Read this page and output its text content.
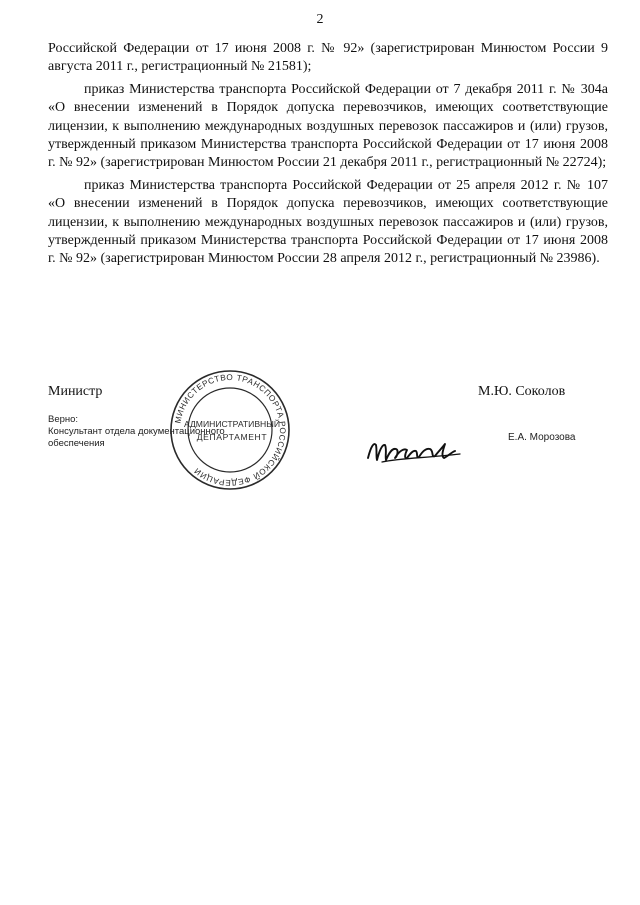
2

Российской Федерации от 17 июня 2008 г. № 92» (зарегистрирован Минюстом России 9 августа 2011 г., регистрационный № 21581);

приказ Министерства транспорта Российской Федерации от 7 декабря 2011 г. № 304а «О внесении изменений в Порядок допуска перевозчиков, имеющих соответствующие лицензии, к выполнению международных воздушных перевозок пассажиров и (или) грузов, утвержденный приказом Министерства транспорта Российской Федерации от 17 июня 2008 г. № 92» (зарегистрирован Минюстом России 21 декабря 2011 г., регистрационный № 22724);

приказ Министерства транспорта Российской Федерации от 25 апреля 2012 г. № 107 «О внесении изменений в Порядок допуска перевозчиков, имеющих соответствующие лицензии, к выполнению международных воздушных перевозок пассажиров и (или) грузов, утвержденный приказом Министерства транспорта Российской Федерации от 17 июня 2008 г. № 92» (зарегистрирован Минюстом России 28 апреля 2012 г., регистрационный № 23986).

Министр	М.Ю. Соколов
Верно:
Консультант отдела документационного
обеспечения
МИНИСТЕРСТВО ТРАНСПОРТА РОССИЙСКОЙ ФЕДЕРАЦИИ
АДМИНИСТРАТИВНЫЙ
ДЕПАРТАМЕНТ	Е.А. Морозова
